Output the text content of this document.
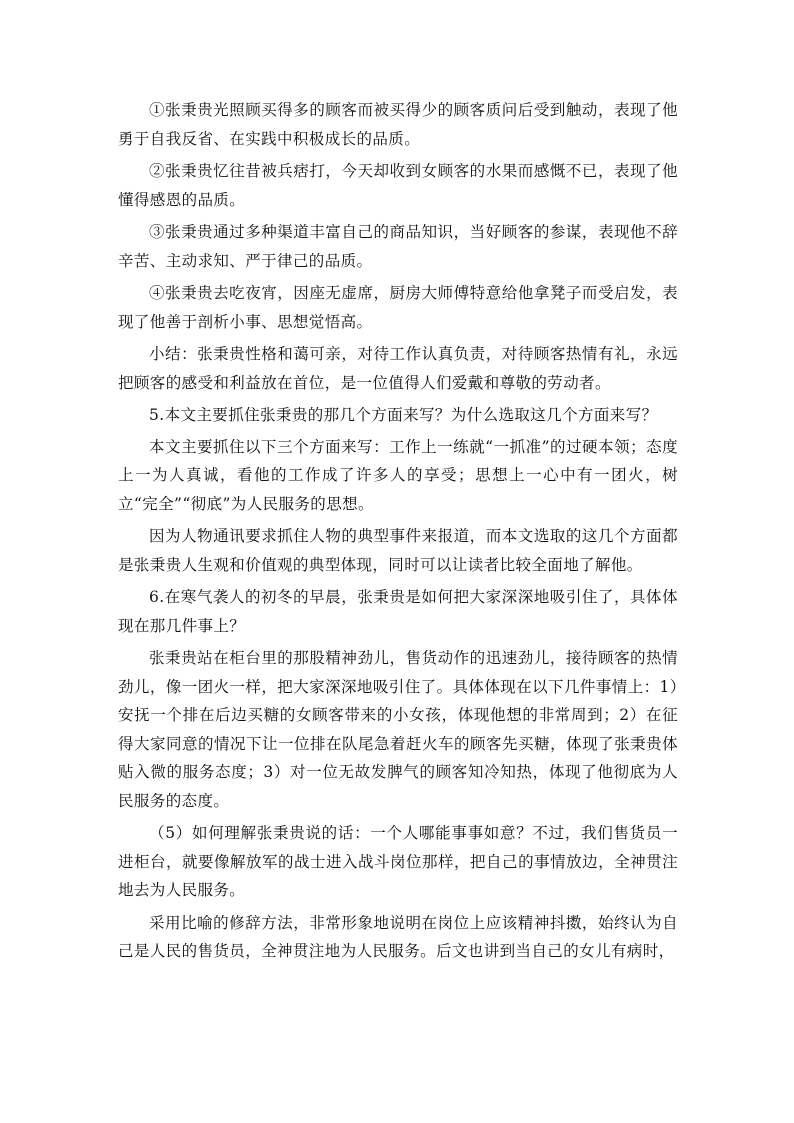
①张秉贵光照顾买得多的顾客而被买得少的顾客质问后受到触动，表现了他勇于自我反省、在实践中积极成长的品质。

②张秉贵忆往昔被兵痞打，今天却收到女顾客的水果而感慨不已，表现了他懂得感恩的品质。

③张秉贵通过多种渠道丰富自己的商品知识，当好顾客的参谋，表现他不辞辛苦、主动求知、严于律己的品质。

④张秉贵去吃夜宵，因座无虚席，厨房大师傅特意给他拿凳子而受启发，表现了他善于剖析小事、思想觉悟高。

小结：张秉贵性格和蔼可亲，对待工作认真负责，对待顾客热情有礼，永远把顾客的感受和利益放在首位，是一位值得人们爱戴和尊敬的劳动者。

5.本文主要抓住张秉贵的那几个方面来写？为什么选取这几个方面来写？

本文主要抓住以下三个方面来写：工作上一练就“一抓准”的过硬本领；态度上一为人真诚，看他的工作成了许多人的享受；思想上一心中有一团火，树立“完全”“彻底”为人民服务的思想。

因为人物通讯要求抓住人物的典型事件来报道，而本文选取的这几个方面都是张秉贵人生观和价值观的典型体现，同时可以让读者比较全面地了解他。

6.在寒气袭人的初冬的早晨，张秉贵是如何把大家深深地吸引住了，具体体现在那几件事上？

张秉贵站在柜台里的那股精神劲儿，售货动作的迅速劲儿，接待顾客的热情劲儿，像一团火一样，把大家深深地吸引住了。具体体现在以下几件事情上：1）安抚一个排在后边买糖的女顾客带来的小女孩，体现他想的非常周到；2）在征得大家同意的情况下让一位排在队尾急着赶火车的顾客先买糖，体现了张秉贵体贴入微的服务态度；3）对一位无故发脾气的顾客知冷知热，体现了他彻底为人民服务的态度。

（5）如何理解张秉贵说的话：一个人哪能事事如意？不过，我们售货员一进柜台，就要像解放军的战士进入战斗岗位那样，把自己的事情放边，全神贯注地去为人民服务。

采用比喻的修辞方法，非常形象地说明在岗位上应该精神抖擞，始终认为自己是人民的售货员，全神贯注地为人民服务。后文也讲到当自己的女儿有病时，
